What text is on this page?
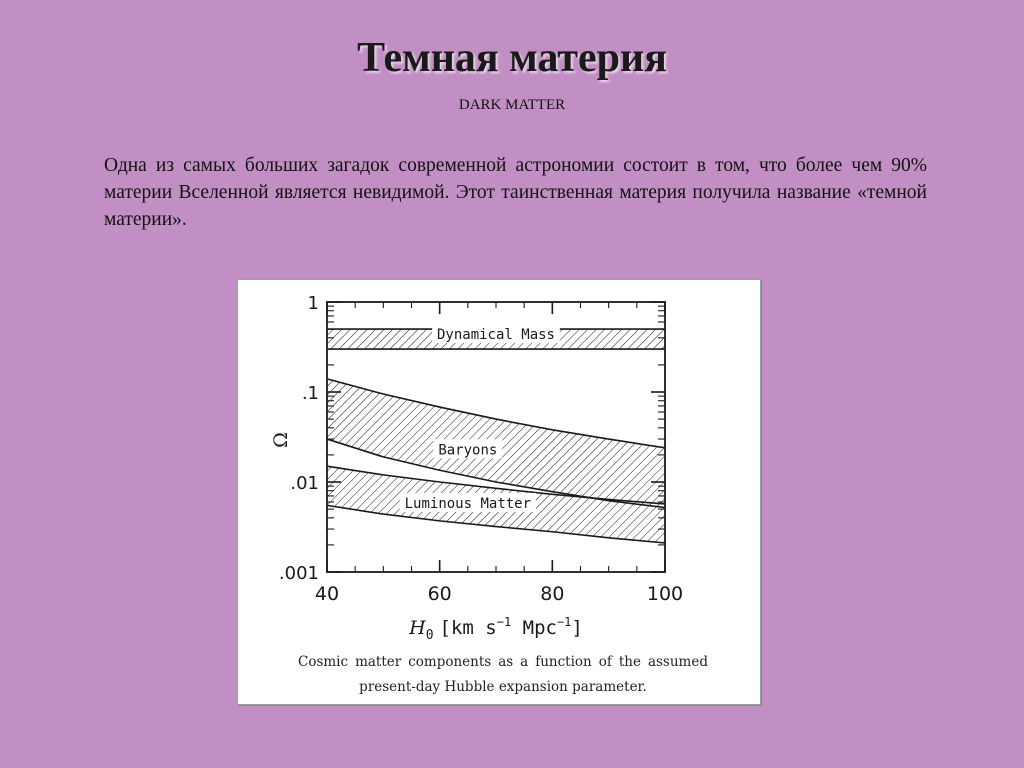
Темная материя
DARK MATTER
Одна из самых больших загадок современной астрономии состоит в том, что более чем 90% материи Вселенной является невидимой. Этот таинственная материя получила название «темной материи».
40	60	80	100
1
.1
.01
.001
Dynamical Mass
Baryons
Luminous Matter
Ω
$H_0$ [km $s^{-1}$ Mpc$^{-1}$]
Cosmic matter components as a function of the assumed present-day Hubble expansion parameter.
